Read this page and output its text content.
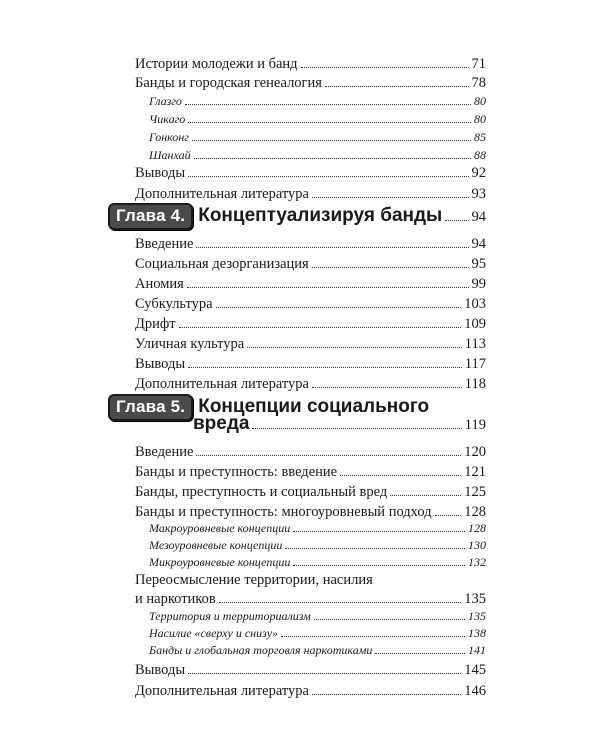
Истории молодежи и банд	71
Банды и городская генеалогия	78
Глазго	80
Чикаго	80
Гонконг	85
Шанхай	88
Выводы	92
Дополнительная литература	93
Глава 4. Концептуализируя банды 94
Введение	94
Социальная дезорганизация	95
Аномия	99
Субкультура	103
Дрифт	109
Уличная культура	113
Выводы	117
Дополнительная литература	118
Глава 5. Концепции социального
вреда	119
Введение	120
Банды и преступность: введение	121
Банды, преступность и социальный вред	125
Банды и преступность: многоуровневый подход 128
Макроуровневые концепции	128
Мезоуровневые концепции	130
Микроуровневые концепции	132
Переосмысление территории, насилия
и наркотиков	135
Территория и территориализм	135
Насилие «сверху и снизу»	138
Банды и глобальная торговля наркотиками	141
Выводы	145
Дополнительная литература	146
